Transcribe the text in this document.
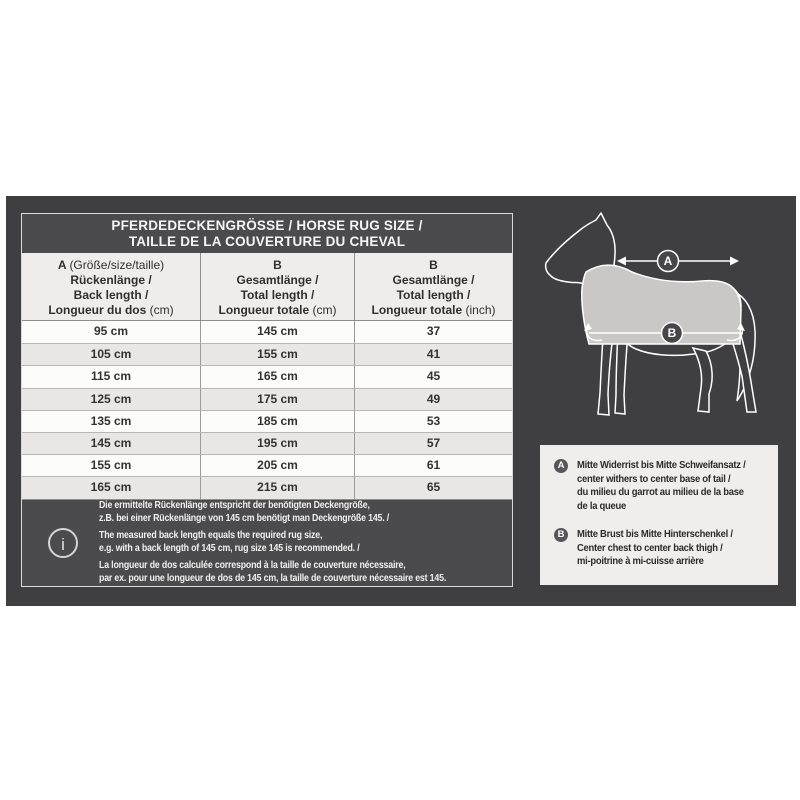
PFERDEDECKENGRÖSSE / HORSE RUG SIZE /
TAILLE DE LA COUVERTURE DU CHEVAL
A (Größe/size/taille)
Rückenlänge /
Back length /
Longueur du dos (cm)
B
Gesamtlänge /
Total length /
Longueur totale (cm)
B
Gesamtlänge /
Total length /
Longueur totale (inch)
95 cm	145 cm	37
105 cm	155 cm	41
115 cm	165 cm	45
125 cm	175 cm	49
135 cm	185 cm	53
145 cm	195 cm	57
155 cm	205 cm	61
165 cm	215 cm	65
i
Die ermittelte Rückenlänge entspricht der benötigten Deckengröße,
z.B. bei einer Rückenlänge von 145 cm benötigt man Deckengröße 145. /
The measured back length equals the required rug size,
e.g. with a back length of 145 cm, rug size 145 is recommended. /
La longueur de dos calculée correspond à la taille de couverture nécessaire,
par ex. pour une longueur de dos de 145 cm, la taille de couverture nécessaire est 145.
B
A
A	Mitte Widerrist bis Mitte Schweifansatz /
center withers to center base of tail /
du milieu du garrot au milieu de la base
de la queue
B	Mitte Brust bis Mitte Hinterschenkel /
Center chest to center back thigh /
mi-poitrine à mi-cuisse arrière
